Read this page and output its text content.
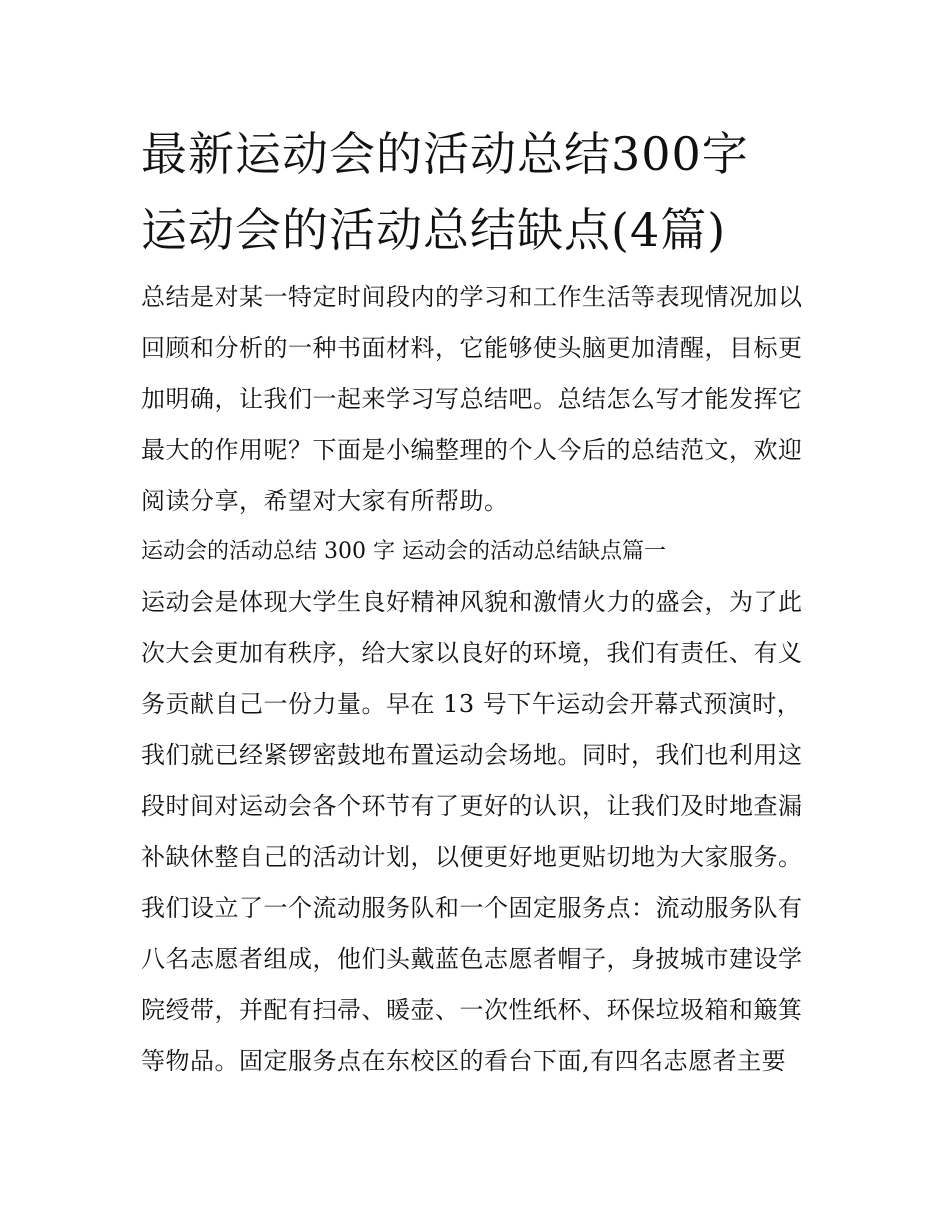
最新运动会的活动总结300字
运动会的活动总结缺点(4篇)
总结是对某一特定时间段内的学习和工作生活等表现情况加以
回顾和分析的一种书面材料，它能够使头脑更加清醒，目标更
加明确，让我们一起来学习写总结吧。总结怎么写才能发挥它
最大的作用呢？下面是小编整理的个人今后的总结范文，欢迎
阅读分享，希望对大家有所帮助。
运动会的活动总结 300 字 运动会的活动总结缺点篇一
运动会是体现大学生良好精神风貌和激情火力的盛会，为了此
次大会更加有秩序，给大家以良好的环境，我们有责任、有义
务贡献自己一份力量。早在 13 号下午运动会开幕式预演时，
我们就已经紧锣密鼓地布置运动会场地。同时，我们也利用这
段时间对运动会各个环节有了更好的认识，让我们及时地查漏
补缺休整自己的活动计划，以便更好地更贴切地为大家服务。
我们设立了一个流动服务队和一个固定服务点：流动服务队有
八名志愿者组成，他们头戴蓝色志愿者帽子，身披城市建设学
院绶带，并配有扫帚、暖壶、一次性纸杯、环保垃圾箱和簸箕
等物品。固定服务点在东校区的看台下面,有四名志愿者主要
